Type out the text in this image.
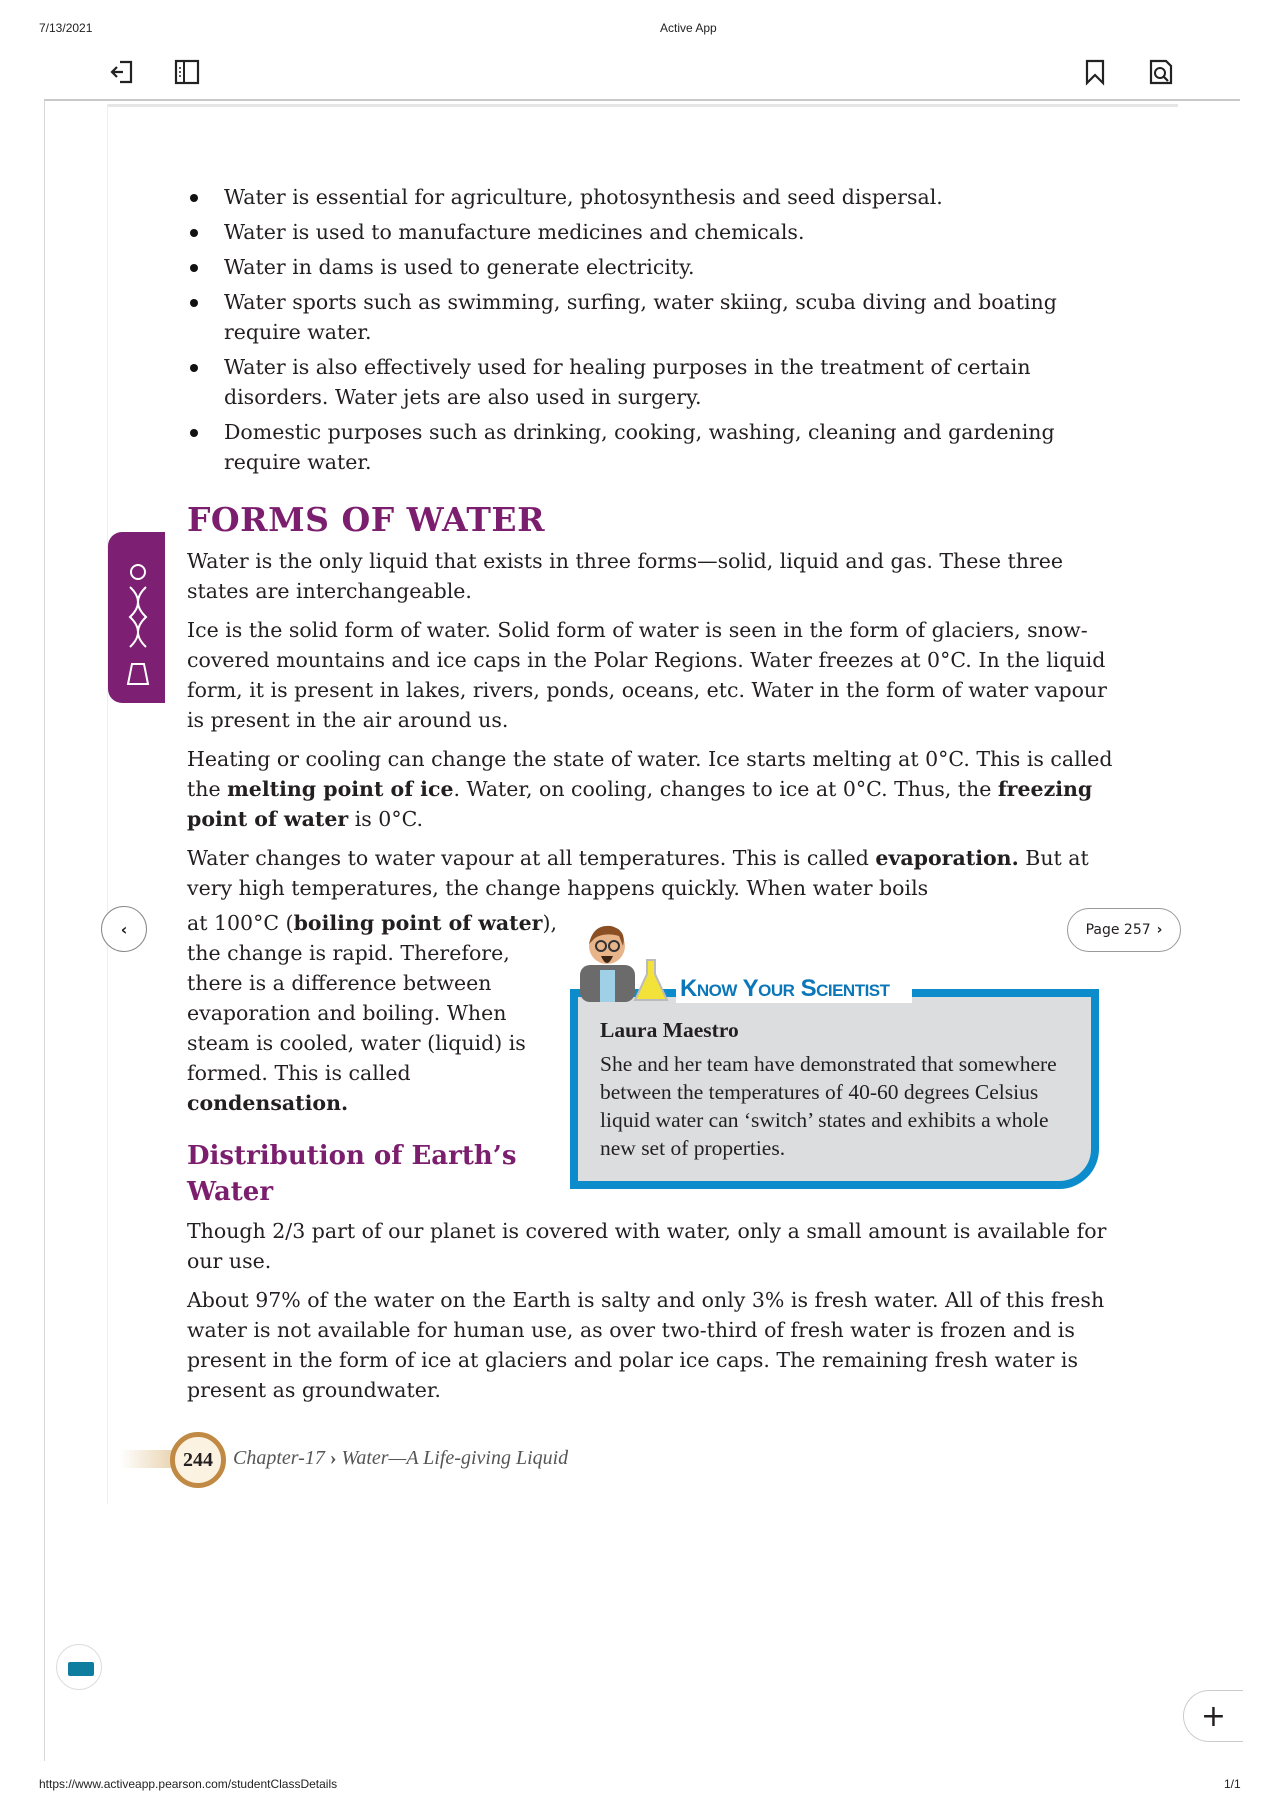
7/13/2021	Active App
Water is essential for agriculture, photosynthesis and seed dispersal.
Water is used to manufacture medicines and chemicals.
Water in dams is used to generate electricity.
Water sports such as swimming, surfing, water skiing, scuba diving and boating require water.
Water is also effectively used for healing purposes in the treatment of certain disorders. Water jets are also used in surgery.
Domestic purposes such as drinking, cooking, washing, cleaning and gardening require water.
FORMS OF WATER

Water is the only liquid that exists in three forms—solid, liquid and gas. These three states are interchangeable.

Ice is the solid form of water. Solid form of water is seen in the form of glaciers, snow-covered mountains and ice caps in the Polar Regions. Water freezes at 0°C. In the liquid form, it is present in lakes, rivers, ponds, oceans, etc. Water in the form of water vapour is present in the air around us.

Heating or cooling can change the state of water. Ice starts melting at 0°C. This is called the melting point of ice. Water, on cooling, changes to ice at 0°C. Thus, the freezing point of water is 0°C.

Water changes to water vapour at all temperatures. This is called evaporation. But at very high temperatures, the change happens quickly. When water boils

at 100°C (boiling point of water), the change is rapid. Therefore, there is a difference between evaporation and boiling. When steam is cooled, water (liquid) is formed. This is called condensation.
Know Your Scientist
Laura Maestro
She and her team have demonstrated that somewhere between the temperatures of 40-60 degrees Celsius liquid water can ‘switch’ states and exhibits a whole new set of properties.
Distribution of Earth’s Water

Though 2/3 part of our planet is covered with water, only a small amount is available for our use.

About 97% of the water on the Earth is salty and only 3% is fresh water. All of this fresh water is not available for human use, as over two-third of fresh water is frozen and is present in the form of ice at glaciers and polar ice caps. The remaining fresh water is present as groundwater.

244	Chapter-17 › Water—A Life-giving Liquid
‹	Page 257 ›
+
https://www.activeapp.pearson.com/studentClassDetails	1/1
